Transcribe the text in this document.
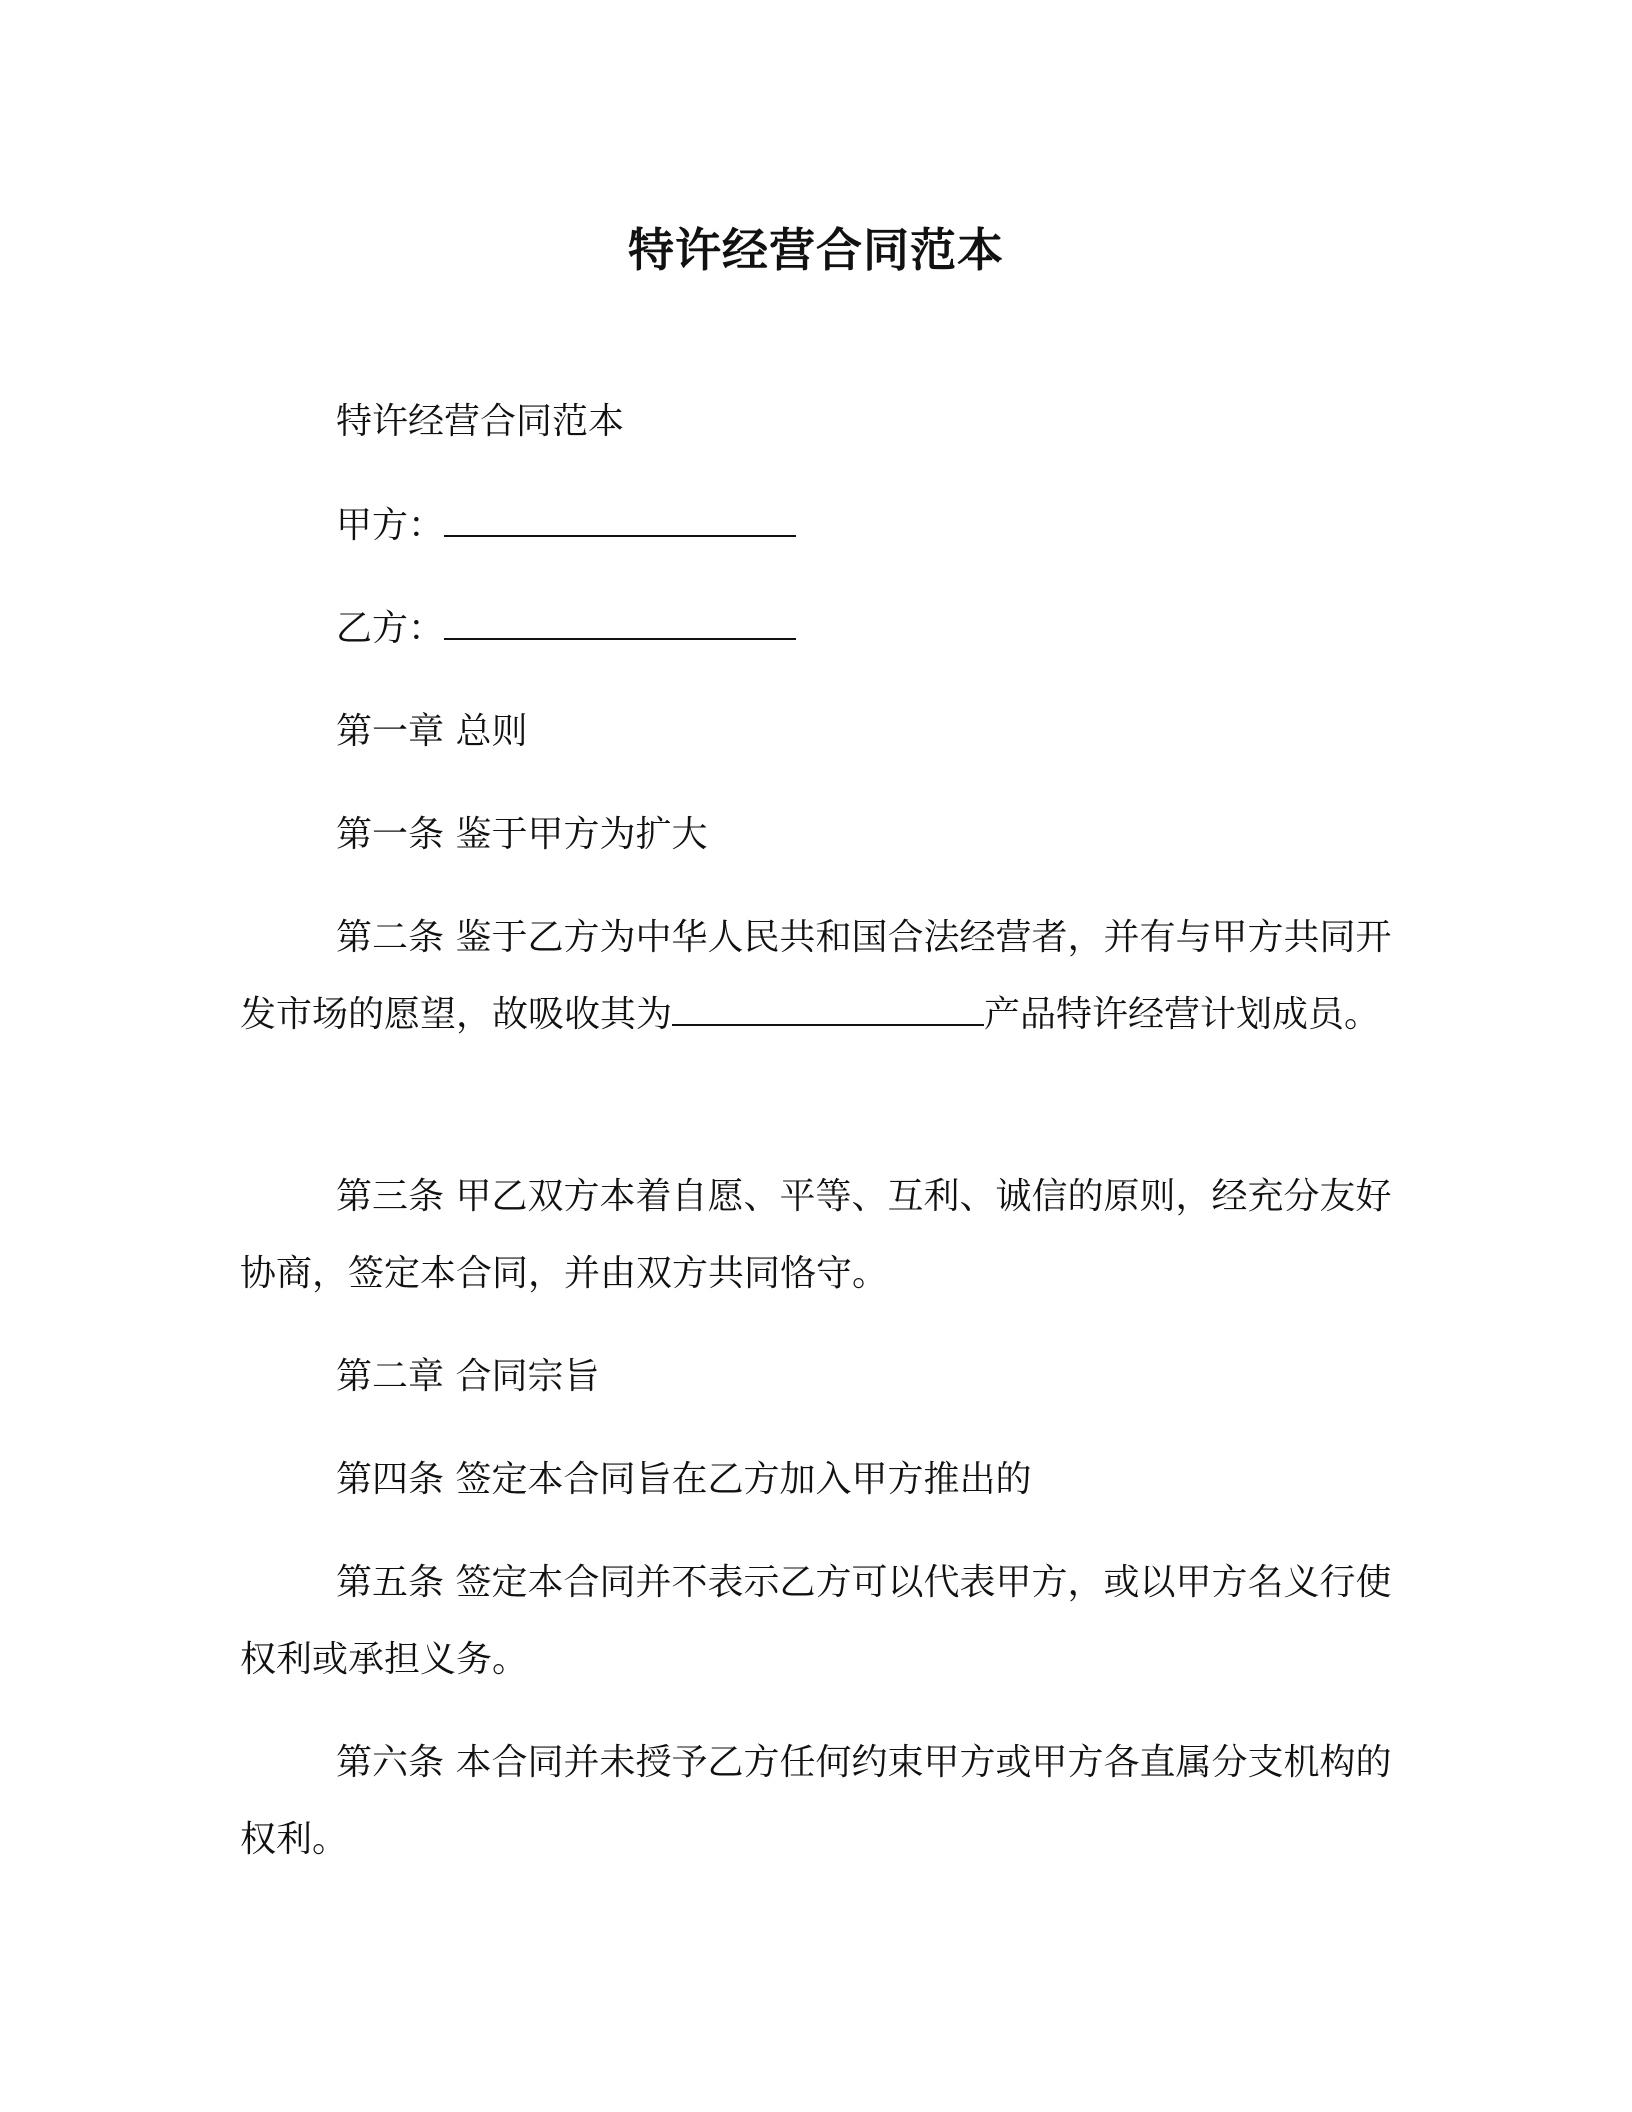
特许经营合同范本

特许经营合同范本

甲方：

乙方：

第一章 总则

第一条 鉴于甲方为扩大

第二条 鉴于乙方为中华人民共和国合法经营者，并有与甲方共同开发市场的愿望，故吸收其为	产品特许经营计划成员。

第三条 甲乙双方本着自愿、平等、互利、诚信的原则，经充分友好协商，签定本合同，并由双方共同恪守。

第二章 合同宗旨

第四条 签定本合同旨在乙方加入甲方推出的

第五条 签定本合同并不表示乙方可以代表甲方，或以甲方名义行使权利或承担义务。

第六条 本合同并未授予乙方任何约束甲方或甲方各直属分支机构的权利。
